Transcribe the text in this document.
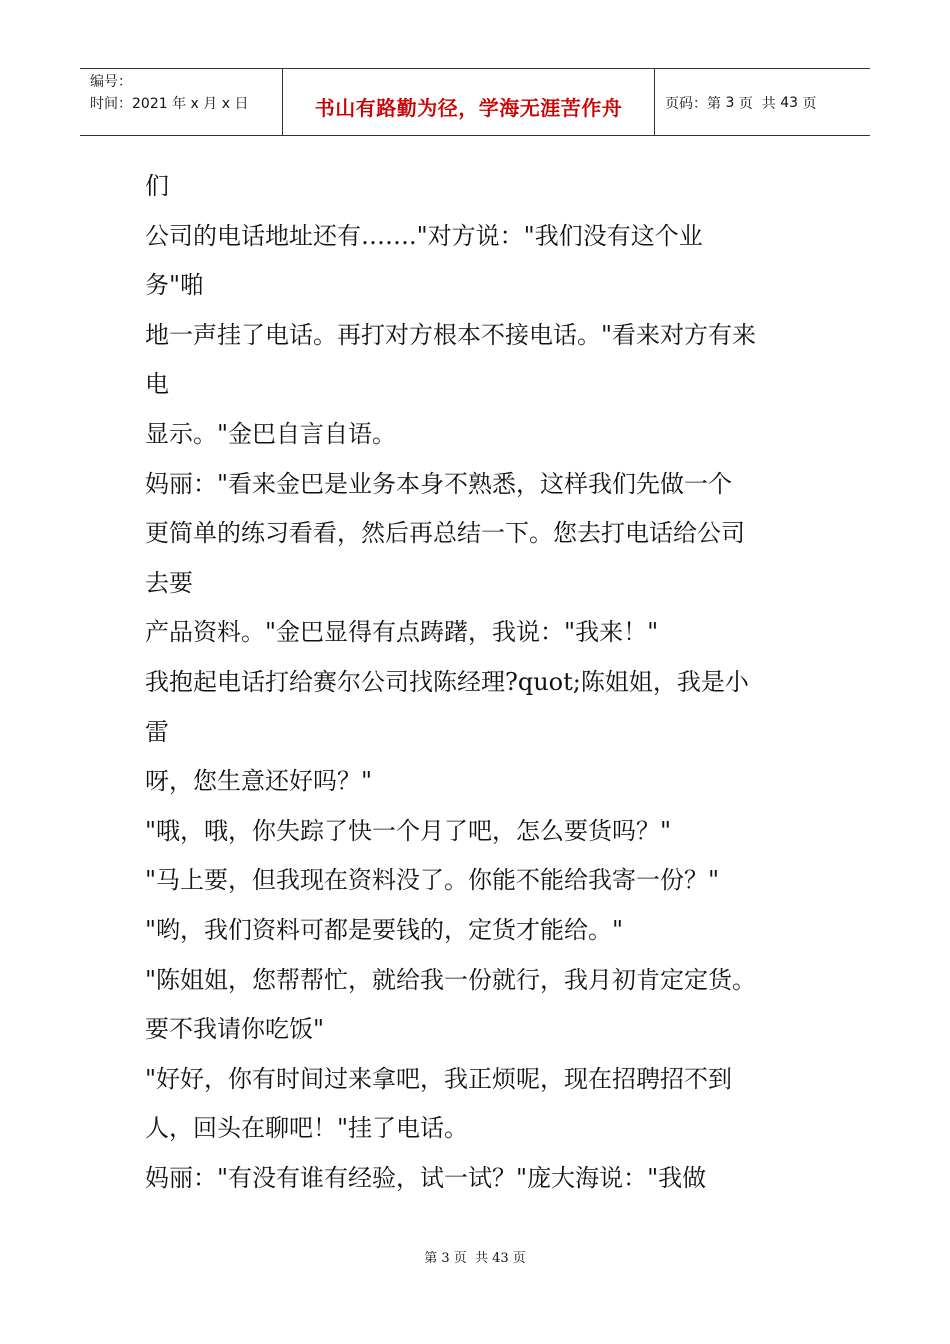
编号：
时间：2021 年 x 月 x 日	书山有路勤为径，学海无涯苦作舟	页码：第 3 页  共 43 页
们
公司的电话地址还有……."对方说："我们没有这个业
务"啪
地一声挂了电话。再打对方根本不接电话。"看来对方有来
电
显示。"金巴自言自语。
妈丽："看来金巴是业务本身不熟悉，这样我们先做一个
更简单的练习看看，然后再总结一下。您去打电话给公司
去要
产品资料。"金巴显得有点踌躇，我说："我来！"
我抱起电话打给赛尔公司找陈经理?quot;陈姐姐，我是小
雷
呀，您生意还好吗？"
"哦，哦，你失踪了快一个月了吧，怎么要货吗？"
"马上要，但我现在资料没了。你能不能给我寄一份？"
"哟，我们资料可都是要钱的，定货才能给。"
"陈姐姐，您帮帮忙，就给我一份就行，我月初肯定定货。
要不我请你吃饭"
"好好，你有时间过来拿吧，我正烦呢，现在招聘招不到
人，回头在聊吧！"挂了电话。
妈丽："有没有谁有经验，试一试？"庞大海说："我做
第 3 页  共 43 页
